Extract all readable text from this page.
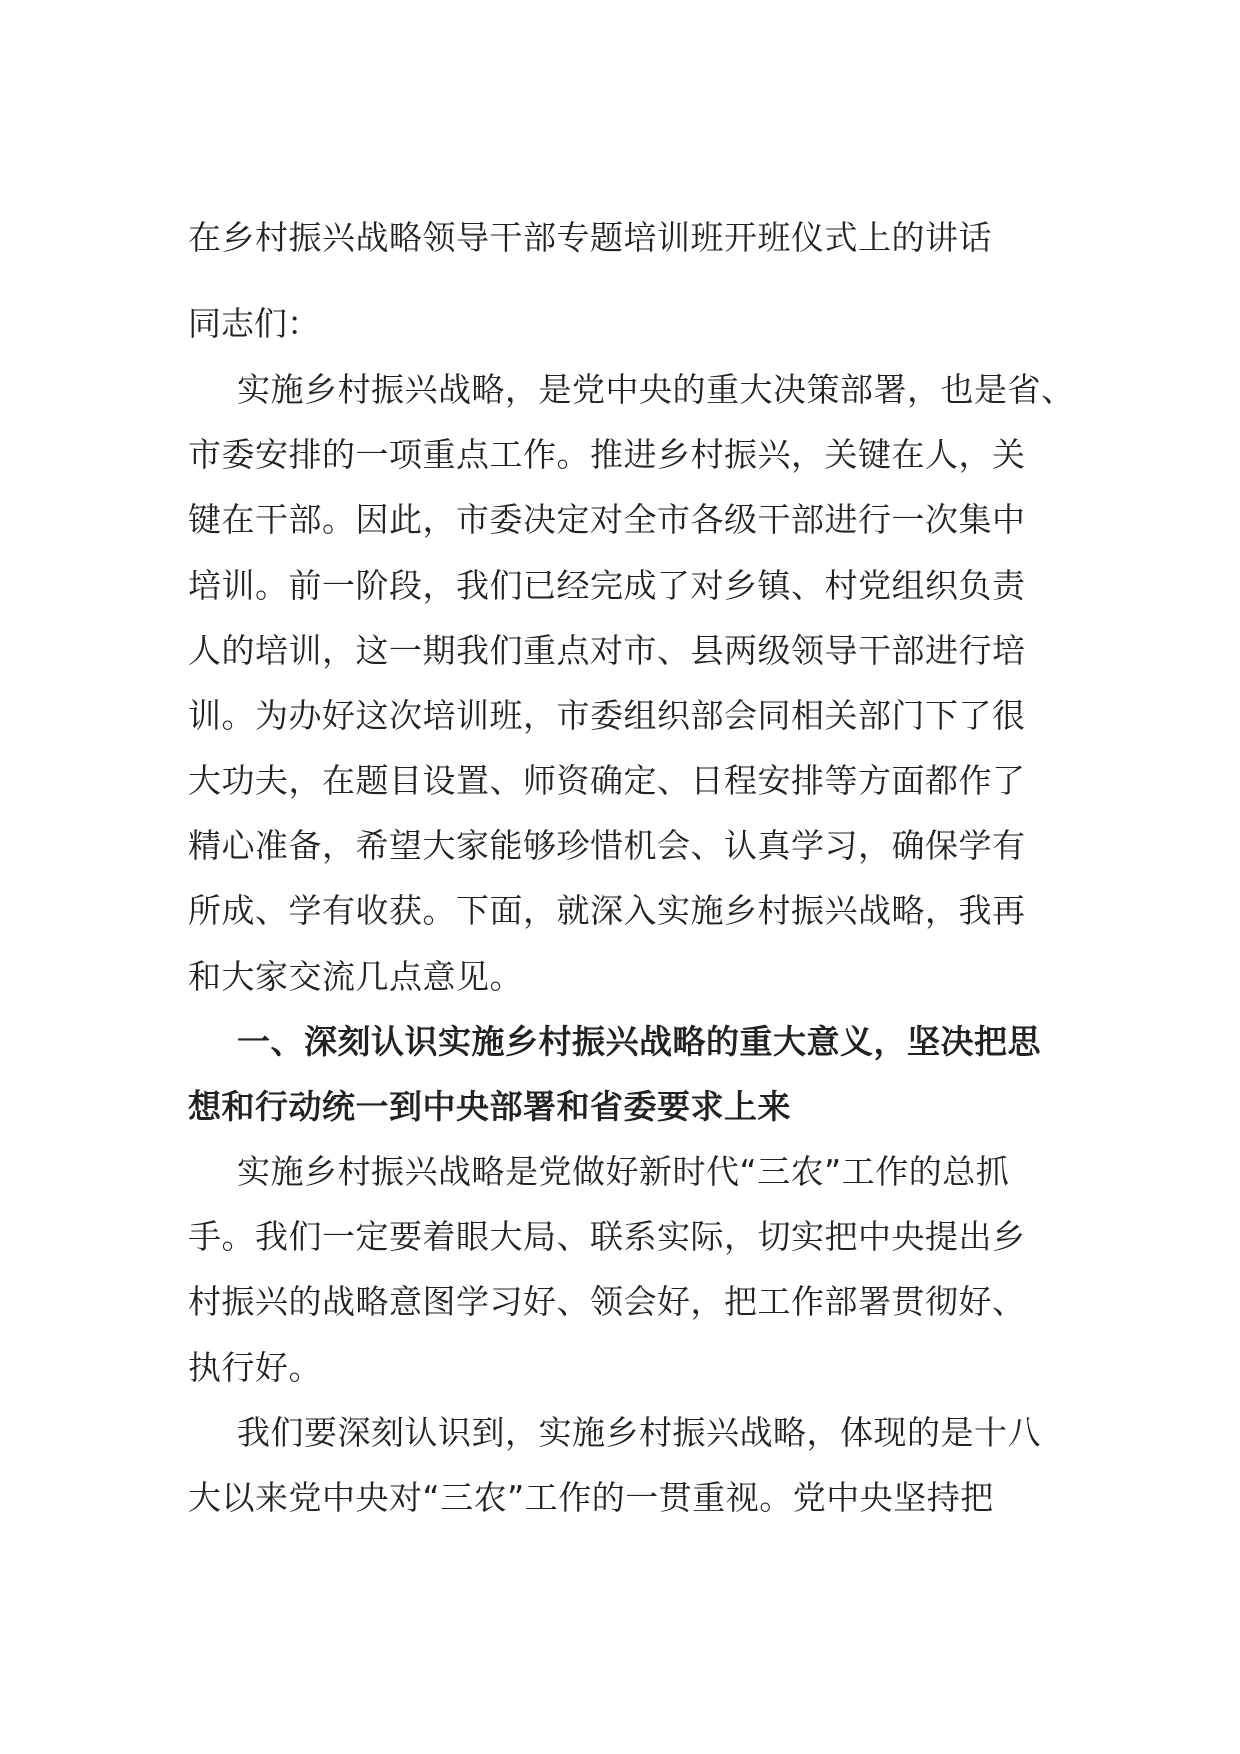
在乡村振兴战略领导干部专题培训班开班仪式上的讲话
同志们：
实施乡村振兴战略，是党中央的重大决策部署，也是省、
市委安排的一项重点工作。推进乡村振兴，关键在人，关
键在干部。因此，市委决定对全市各级干部进行一次集中
培训。前一阶段，我们已经完成了对乡镇、村党组织负责
人的培训，这一期我们重点对市、县两级领导干部进行培
训。为办好这次培训班，市委组织部会同相关部门下了很
大功夫，在题目设置、师资确定、日程安排等方面都作了
精心准备，希望大家能够珍惜机会、认真学习，确保学有
所成、学有收获。下面，就深入实施乡村振兴战略，我再
和大家交流几点意见。
一、深刻认识实施乡村振兴战略的重大意义，坚决把思
想和行动统一到中央部署和省委要求上来
实施乡村振兴战略是党做好新时代“三农”工作的总抓
手。我们一定要着眼大局、联系实际，切实把中央提出乡
村振兴的战略意图学习好、领会好，把工作部署贯彻好、
执行好。
我们要深刻认识到，实施乡村振兴战略，体现的是十八
大以来党中央对“三农”工作的一贯重视。党中央坚持把
